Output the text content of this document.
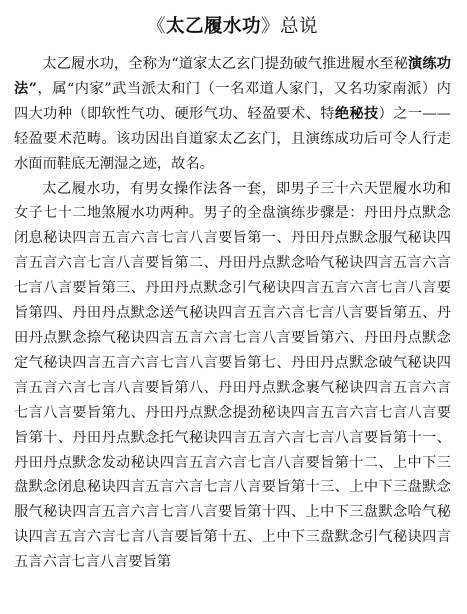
《太乙履水功》总说

太乙履水功，全称为“道家太乙玄门提劲破气推进履水至秘演练功法”，属“内家”武当派太和门（一名邓道人家门，又名功家南派）内四大功种（即软性气功、硬形气功、轻盈要术、特绝秘技）之一——轻盈要术范畴。该功因出自道家太乙玄门，且演练成功后可令人行走水面而鞋底无潮湿之迹，故名。

太乙履水功，有男女操作法各一套，即男子三十六天罡履水功和女子七十二地煞履水功两种。男子的全盘演练步骤是：丹田丹点默念闭息秘诀四言五言六言七言八言要旨第一、丹田丹点默念服气秘诀四言五言六言七言八言要旨第二、丹田丹点默念哈气秘诀四言五言六言七言八言要旨第三、丹田丹点默念引气秘诀四言五言六言七言八言要旨第四、丹田丹点默念送气秘诀四言五言六言七言八言要旨第五、丹田丹点默念捺气秘诀四言五言六言七言八言要旨第六、丹田丹点默念定气秘诀四言五言六言七言八言要旨第七、丹田丹点默念破气秘诀四言五言六言七言八言要旨第八、丹田丹点默念裹气秘诀四言五言六言七言八言要旨第九、丹田丹点默念提劲秘诀四言五言六言七言八言要旨第十、丹田丹点默念托气秘诀四言五言六言七言八言要旨第十一、丹田丹点默念发动秘诀四言五言六言七言八言要旨第十二、上中下三盘默念闭息秘诀四言五言六言七言八言要旨第十三、上中下三盘默念服气秘诀四言五言六言七言八言要旨第十四、上中下三盘默念哈气秘诀四言五言六言七言八言要旨第十五、上中下三盘默念引气秘诀四言五言六言七言八言要旨第
